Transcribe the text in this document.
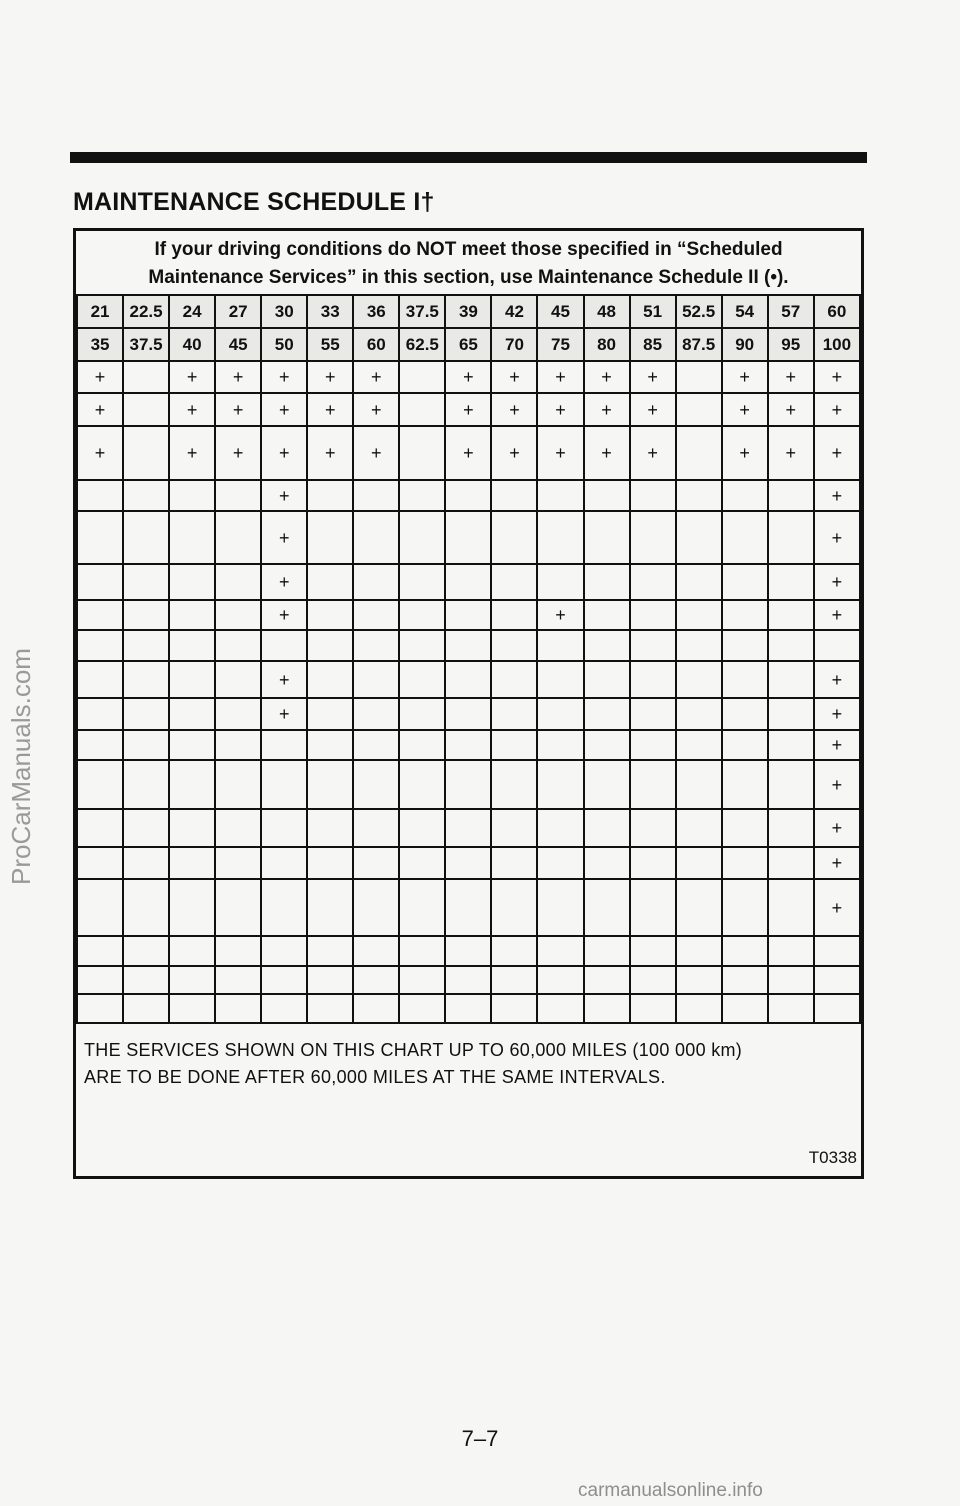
MAINTENANCE SCHEDULE I†
ProCarManuals.com
If your driving conditions do NOT meet those specified in “Scheduled
Maintenance Services” in this section, use Maintenance Schedule II (•).
21	22.5	24	27	30	33	36	37.5	39	42	45	48	51	52.5	54	57	60
35	37.5	40	45	50	55	60	62.5	65	70	75	80	85	87.5	90	95	100
+		+	+	+	+	+		+	+	+	+	+		+	+	+
+		+	+	+	+	+		+	+	+	+	+		+	+	+
+		+	+	+	+	+		+	+	+	+	+		+	+	+
				+												+
				+												+
				+												+
				+						+						+

				+												+
				+												+
																+
																+
																+
																+
																+

THE SERVICES SHOWN ON THIS CHART UP TO 60,000 MILES (100 000 km)
ARE TO BE DONE AFTER 60,000 MILES AT THE SAME INTERVALS.
T0338
7–7
carmanualsonline.info
